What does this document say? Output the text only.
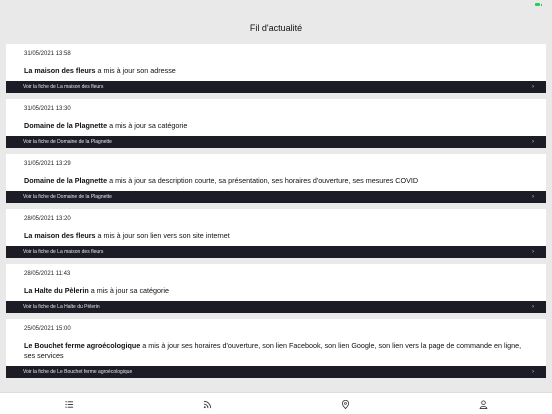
Fil d'actualité
31/05/2021 13:58
La maison des fleurs a mis à jour son adresse
Voir la fiche de La maison des fleurs	›
31/05/2021 13:30
Domaine de la Plagnette a mis à jour sa catégorie
Voir la fiche de Domaine de la Plagnette	›
31/05/2021 13:29
Domaine de la Plagnette a mis à jour sa description courte, sa présentation, ses horaires d'ouverture, ses mesures COVID
Voir la fiche de Domaine de la Plagnette	›
28/05/2021 13:20
La maison des fleurs a mis à jour son lien vers son site internet
Voir la fiche de La maison des fleurs	›
28/05/2021 11:43
La Halte du Pèlerin a mis à jour sa catégorie
Voir la fiche de La Halte du Pèlerin	›
25/05/2021 15:00
Le Bouchet ferme agroécologique a mis à jour ses horaires d'ouverture, son lien Facebook, son lien Google, son lien vers la page de commande en ligne, ses services
Voir la fiche de Le Bouchet ferme agroécologique	›
